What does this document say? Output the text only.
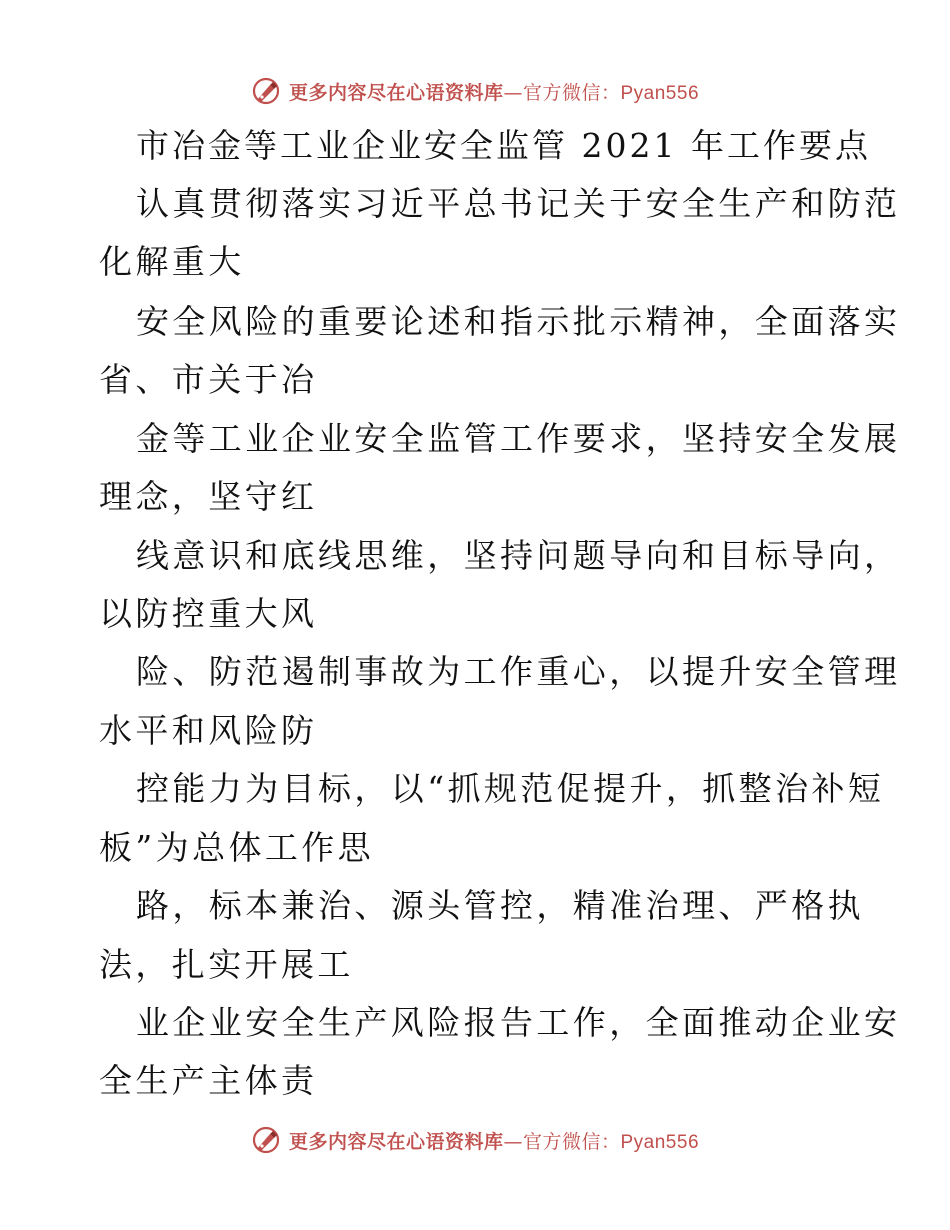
更多内容尽在心语资料库—官方微信：Pyan556
市冶金等工业企业安全监管 2021 年工作要点
认真贯彻落实习近平总书记关于安全生产和防范
化解重大
安全风险的重要论述和指示批示精神，全面落实
省、市关于冶
金等工业企业安全监管工作要求，坚持安全发展
理念，坚守红
线意识和底线思维，坚持问题导向和目标导向，
以防控重大风
险、防范遏制事故为工作重心，以提升安全管理
水平和风险防
控能力为目标，以“抓规范促提升，抓整治补短
板”为总体工作思
路，标本兼治、源头管控，精准治理、严格执
法，扎实开展工
业企业安全生产风险报告工作，全面推动企业安
全生产主体责
更多内容尽在心语资料库—官方微信：Pyan556
